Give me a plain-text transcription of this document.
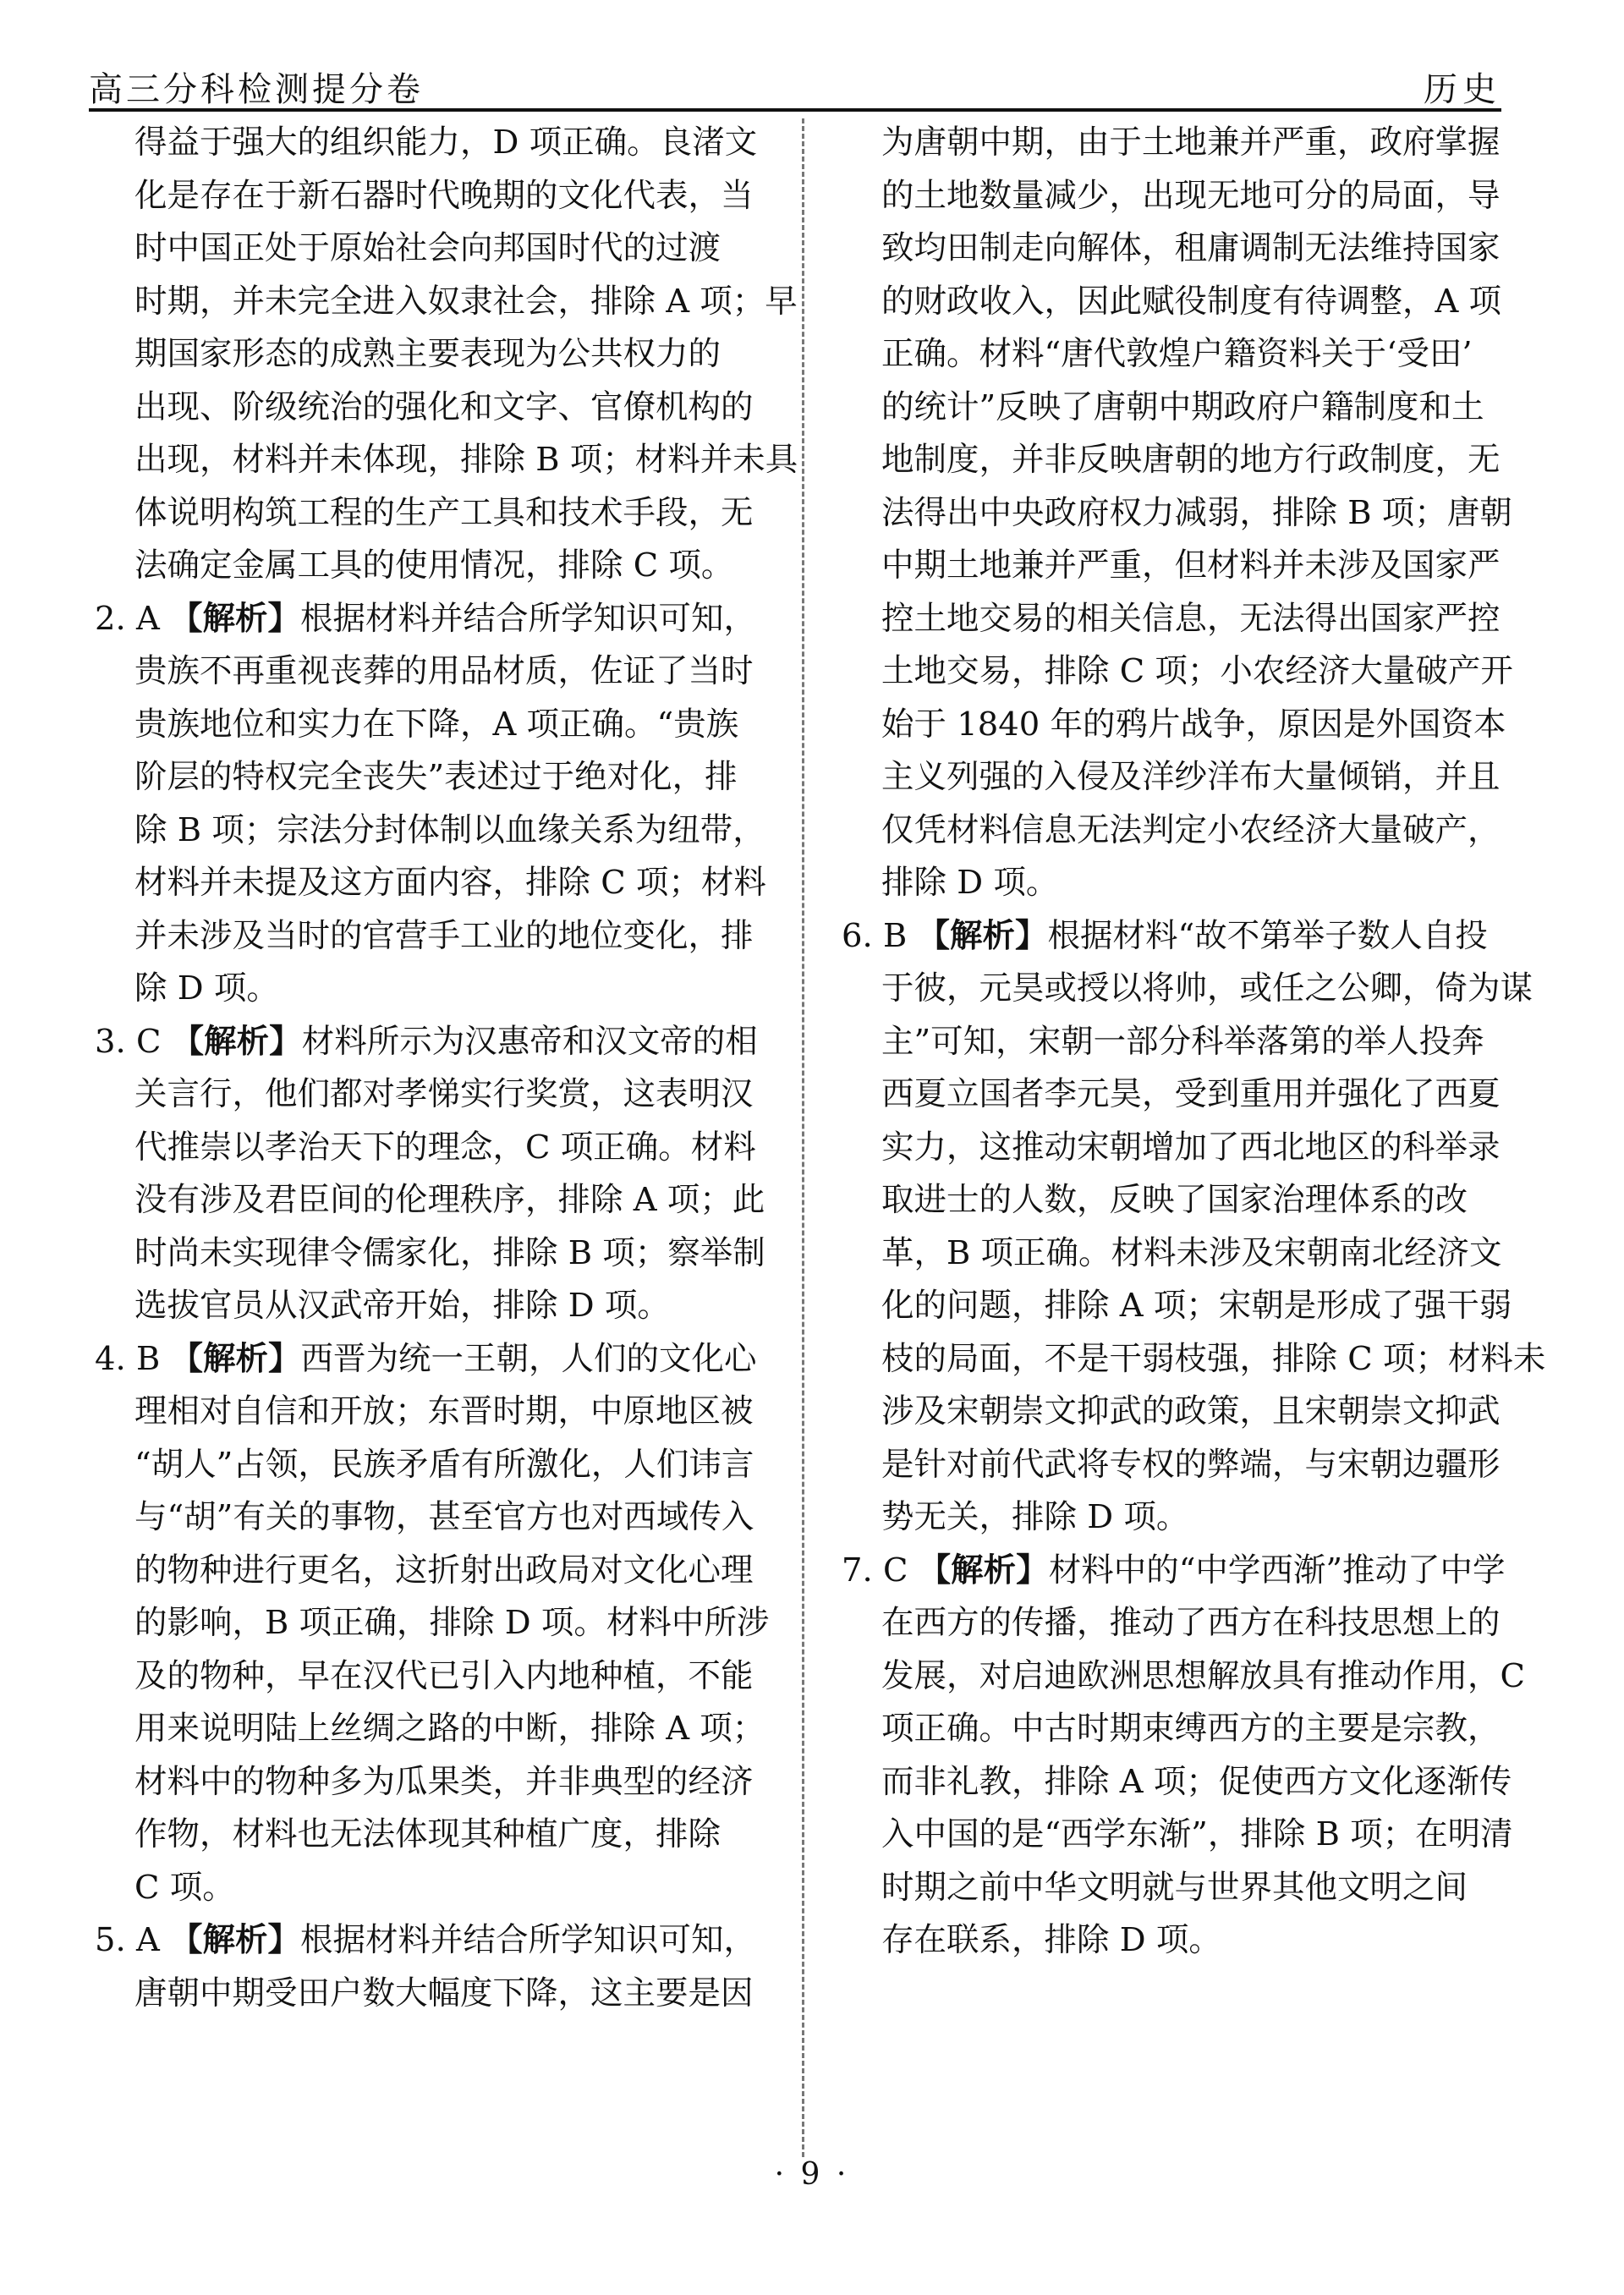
高三分科检测提分卷	历史
得益于强大的组织能力，D 项正确。良渚文
化是存在于新石器时代晚期的文化代表，当
时中国正处于原始社会向邦国时代的过渡
时期，并未完全进入奴隶社会，排除 A 项；早
期国家形态的成熟主要表现为公共权力的
出现、阶级统治的强化和文字、官僚机构的
出现，材料并未体现，排除 B 项；材料并未具
体说明构筑工程的生产工具和技术手段，无
法确定金属工具的使用情况，排除 C 项。
2. A 【解析】根据材料并结合所学知识可知，
贵族不再重视丧葬的用品材质，佐证了当时
贵族地位和实力在下降，A 项正确。“贵族
阶层的特权完全丧失”表述过于绝对化，排
除 B 项；宗法分封体制以血缘关系为纽带，
材料并未提及这方面内容，排除 C 项；材料
并未涉及当时的官营手工业的地位变化，排
除 D 项。
3. C 【解析】材料所示为汉惠帝和汉文帝的相
关言行，他们都对孝悌实行奖赏，这表明汉
代推崇以孝治天下的理念，C 项正确。材料
没有涉及君臣间的伦理秩序，排除 A 项；此
时尚未实现律令儒家化，排除 B 项；察举制
选拔官员从汉武帝开始，排除 D 项。
4. B 【解析】西晋为统一王朝，人们的文化心
理相对自信和开放；东晋时期，中原地区被
“胡人”占领，民族矛盾有所激化，人们讳言
与“胡”有关的事物，甚至官方也对西域传入
的物种进行更名，这折射出政局对文化心理
的影响，B 项正确，排除 D 项。材料中所涉
及的物种，早在汉代已引入内地种植，不能
用来说明陆上丝绸之路的中断，排除 A 项；
材料中的物种多为瓜果类，并非典型的经济
作物，材料也无法体现其种植广度，排除
C 项。
5. A 【解析】根据材料并结合所学知识可知，
唐朝中期受田户数大幅度下降，这主要是因
为唐朝中期，由于土地兼并严重，政府掌握
的土地数量减少，出现无地可分的局面，导
致均田制走向解体，租庸调制无法维持国家
的财政收入，因此赋役制度有待调整，A 项
正确。材料“唐代敦煌户籍资料关于‘受田’
的统计”反映了唐朝中期政府户籍制度和土
地制度，并非反映唐朝的地方行政制度，无
法得出中央政府权力减弱，排除 B 项；唐朝
中期土地兼并严重，但材料并未涉及国家严
控土地交易的相关信息，无法得出国家严控
土地交易，排除 C 项；小农经济大量破产开
始于 1840 年的鸦片战争，原因是外国资本
主义列强的入侵及洋纱洋布大量倾销，并且
仅凭材料信息无法判定小农经济大量破产，
排除 D 项。
6. B 【解析】根据材料“故不第举子数人自投
于彼，元昊或授以将帅，或任之公卿，倚为谋
主”可知，宋朝一部分科举落第的举人投奔
西夏立国者李元昊，受到重用并强化了西夏
实力，这推动宋朝增加了西北地区的科举录
取进士的人数，反映了国家治理体系的改
革，B 项正确。材料未涉及宋朝南北经济文
化的问题，排除 A 项；宋朝是形成了强干弱
枝的局面，不是干弱枝强，排除 C 项；材料未
涉及宋朝崇文抑武的政策，且宋朝崇文抑武
是针对前代武将专权的弊端，与宋朝边疆形
势无关，排除 D 项。
7. C 【解析】材料中的“中学西渐”推动了中学
在西方的传播，推动了西方在科技思想上的
发展，对启迪欧洲思想解放具有推动作用，C
项正确。中古时期束缚西方的主要是宗教，
而非礼教，排除 A 项；促使西方文化逐渐传
入中国的是“西学东渐”，排除 B 项；在明清
时期之前中华文明就与世界其他文明之间
存在联系，排除 D 项。
· 9 ·
